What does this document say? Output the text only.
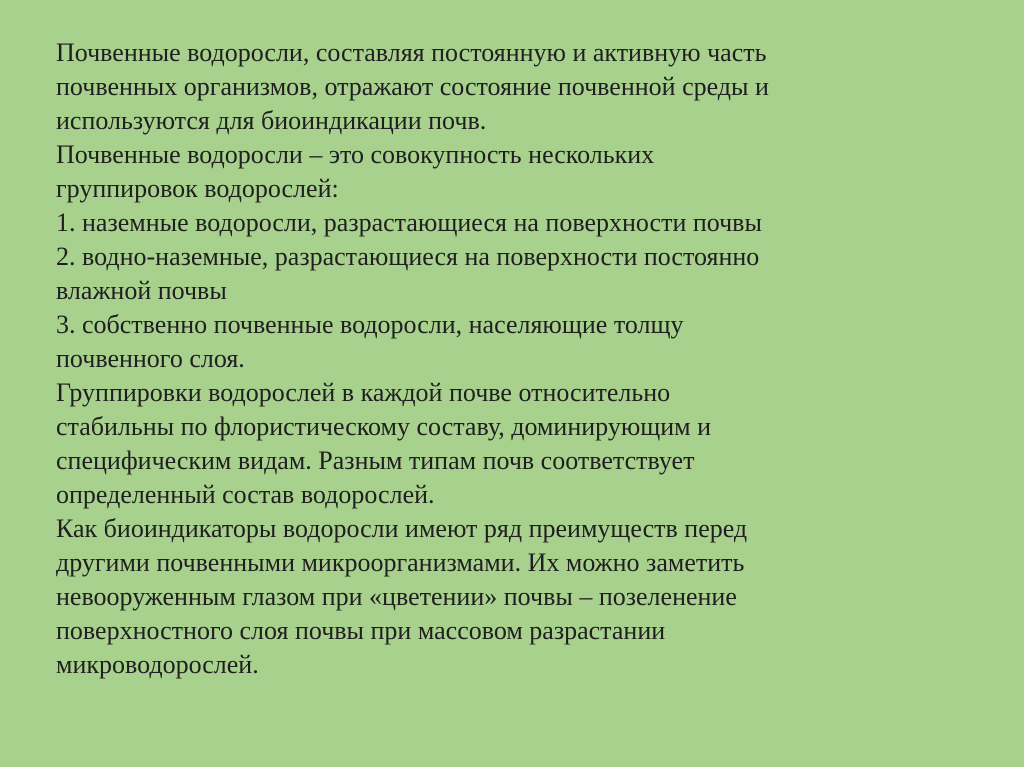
Почвенные водоросли, составляя постоянную и активную часть
почвенных организмов, отражают состояние почвенной среды и
используются для биоиндикации почв.
Почвенные водоросли – это совокупность нескольких
группировок водорослей:
1. наземные водоросли, разрастающиеся на поверхности почвы
2. водно-наземные, разрастающиеся на поверхности постоянно
влажной почвы
3. собственно почвенные водоросли, населяющие толщу
почвенного слоя.
Группировки водорослей в каждой почве относительно
стабильны по флористическому составу, доминирующим и
специфическим видам. Разным типам почв соответствует
определенный состав водорослей.
Как биоиндикаторы водоросли имеют ряд преимуществ перед
другими почвенными микроорганизмами. Их можно заметить
невооруженным глазом при «цветении» почвы – позеленение
поверхностного слоя почвы при массовом разрастании
микроводорослей.
